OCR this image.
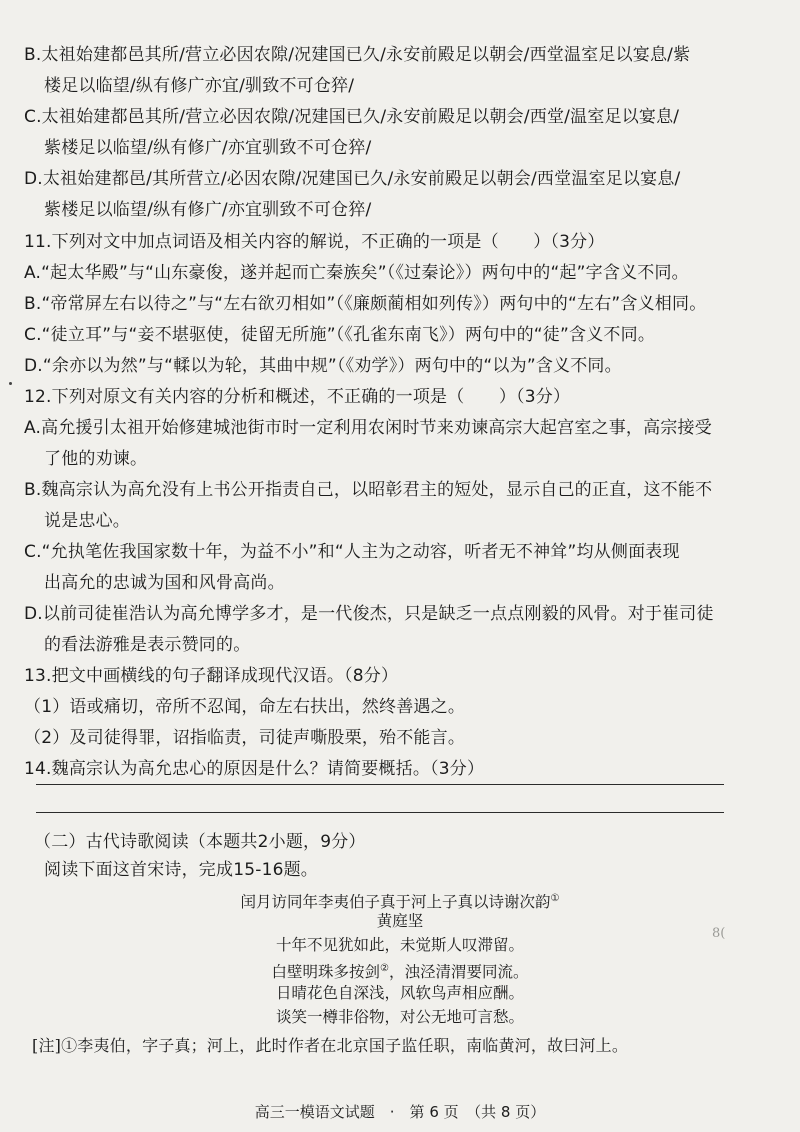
B.太祖始建都邑其所/营立必因农隙/况建国已久/永安前殿足以朝会/西堂温室足以宴息/紫
楼足以临望/纵有修广亦宜/驯致不可仓猝/
C.太祖始建都邑其所/营立必因农隙/况建国已久/永安前殿足以朝会/西堂/温室足以宴息/
紫楼足以临望/纵有修广/亦宜驯致不可仓猝/
D.太祖始建都邑/其所营立/必因农隙/况建国已久/永安前殿足以朝会/西堂温室足以宴息/
紫楼足以临望/纵有修广/亦宜驯致不可仓猝/
11.下列对文中加点词语及相关内容的解说，不正确的一项是（　　）（3分）
A.“起太华殿”与“山东豪俊，遂并起而亡秦族矣”（《过秦论》）两句中的“起”字含义不同。
B.“帝常屏左右以待之”与“左右欲刃相如”（《廉颇蔺相如列传》）两句中的“左右”含义相同。
C.“徒立耳”与“妾不堪驱使，徒留无所施”（《孔雀东南飞》）两句中的“徒”含义不同。
D.“余亦以为然”与“輮以为轮，其曲中规”（《劝学》）两句中的“以为”含义不同。
12.下列对原文有关内容的分析和概述，不正确的一项是（　　）（3分）
A.高允援引太祖开始修建城池街市时一定利用农闲时节来劝谏高宗大起宫室之事，高宗接受
了他的劝谏。
B.魏高宗认为高允没有上书公开指责自己，以昭彰君主的短处，显示自己的正直，这不能不
说是忠心。
C.“允执笔佐我国家数十年，为益不小”和“人主为之动容，听者无不神耸”均从侧面表现
出高允的忠诚为国和风骨高尚。
D.以前司徒崔浩认为高允博学多才，是一代俊杰，只是缺乏一点点刚毅的风骨。对于崔司徒
的看法游雅是表示赞同的。
13.把文中画横线的句子翻译成现代汉语。（8分）
（1）语或痛切，帝所不忍闻，命左右扶出，然终善遇之。
（2）及司徒得罪，诏指临责，司徒声嘶股栗，殆不能言。
14.魏高宗认为高允忠心的原因是什么？请简要概括。（3分）
（二）古代诗歌阅读（本题共2小题，9分）
阅读下面这首宋诗，完成15-16题。
闰月访同年李夷伯子真于河上子真以诗谢次韵①
黄庭坚
十年不见犹如此，未觉斯人叹滞留。
白壁明珠多按剑②，浊泾清渭要同流。
日晴花色自深浅，风软鸟声相应酬。
谈笑一樽非俗物，对公无地可言愁。
[注]①李夷伯，字子真；河上，此时作者在北京国子监任职，南临黄河，故曰河上。
8(
高三一模语文试题　·　第 6 页　（共 8 页）
